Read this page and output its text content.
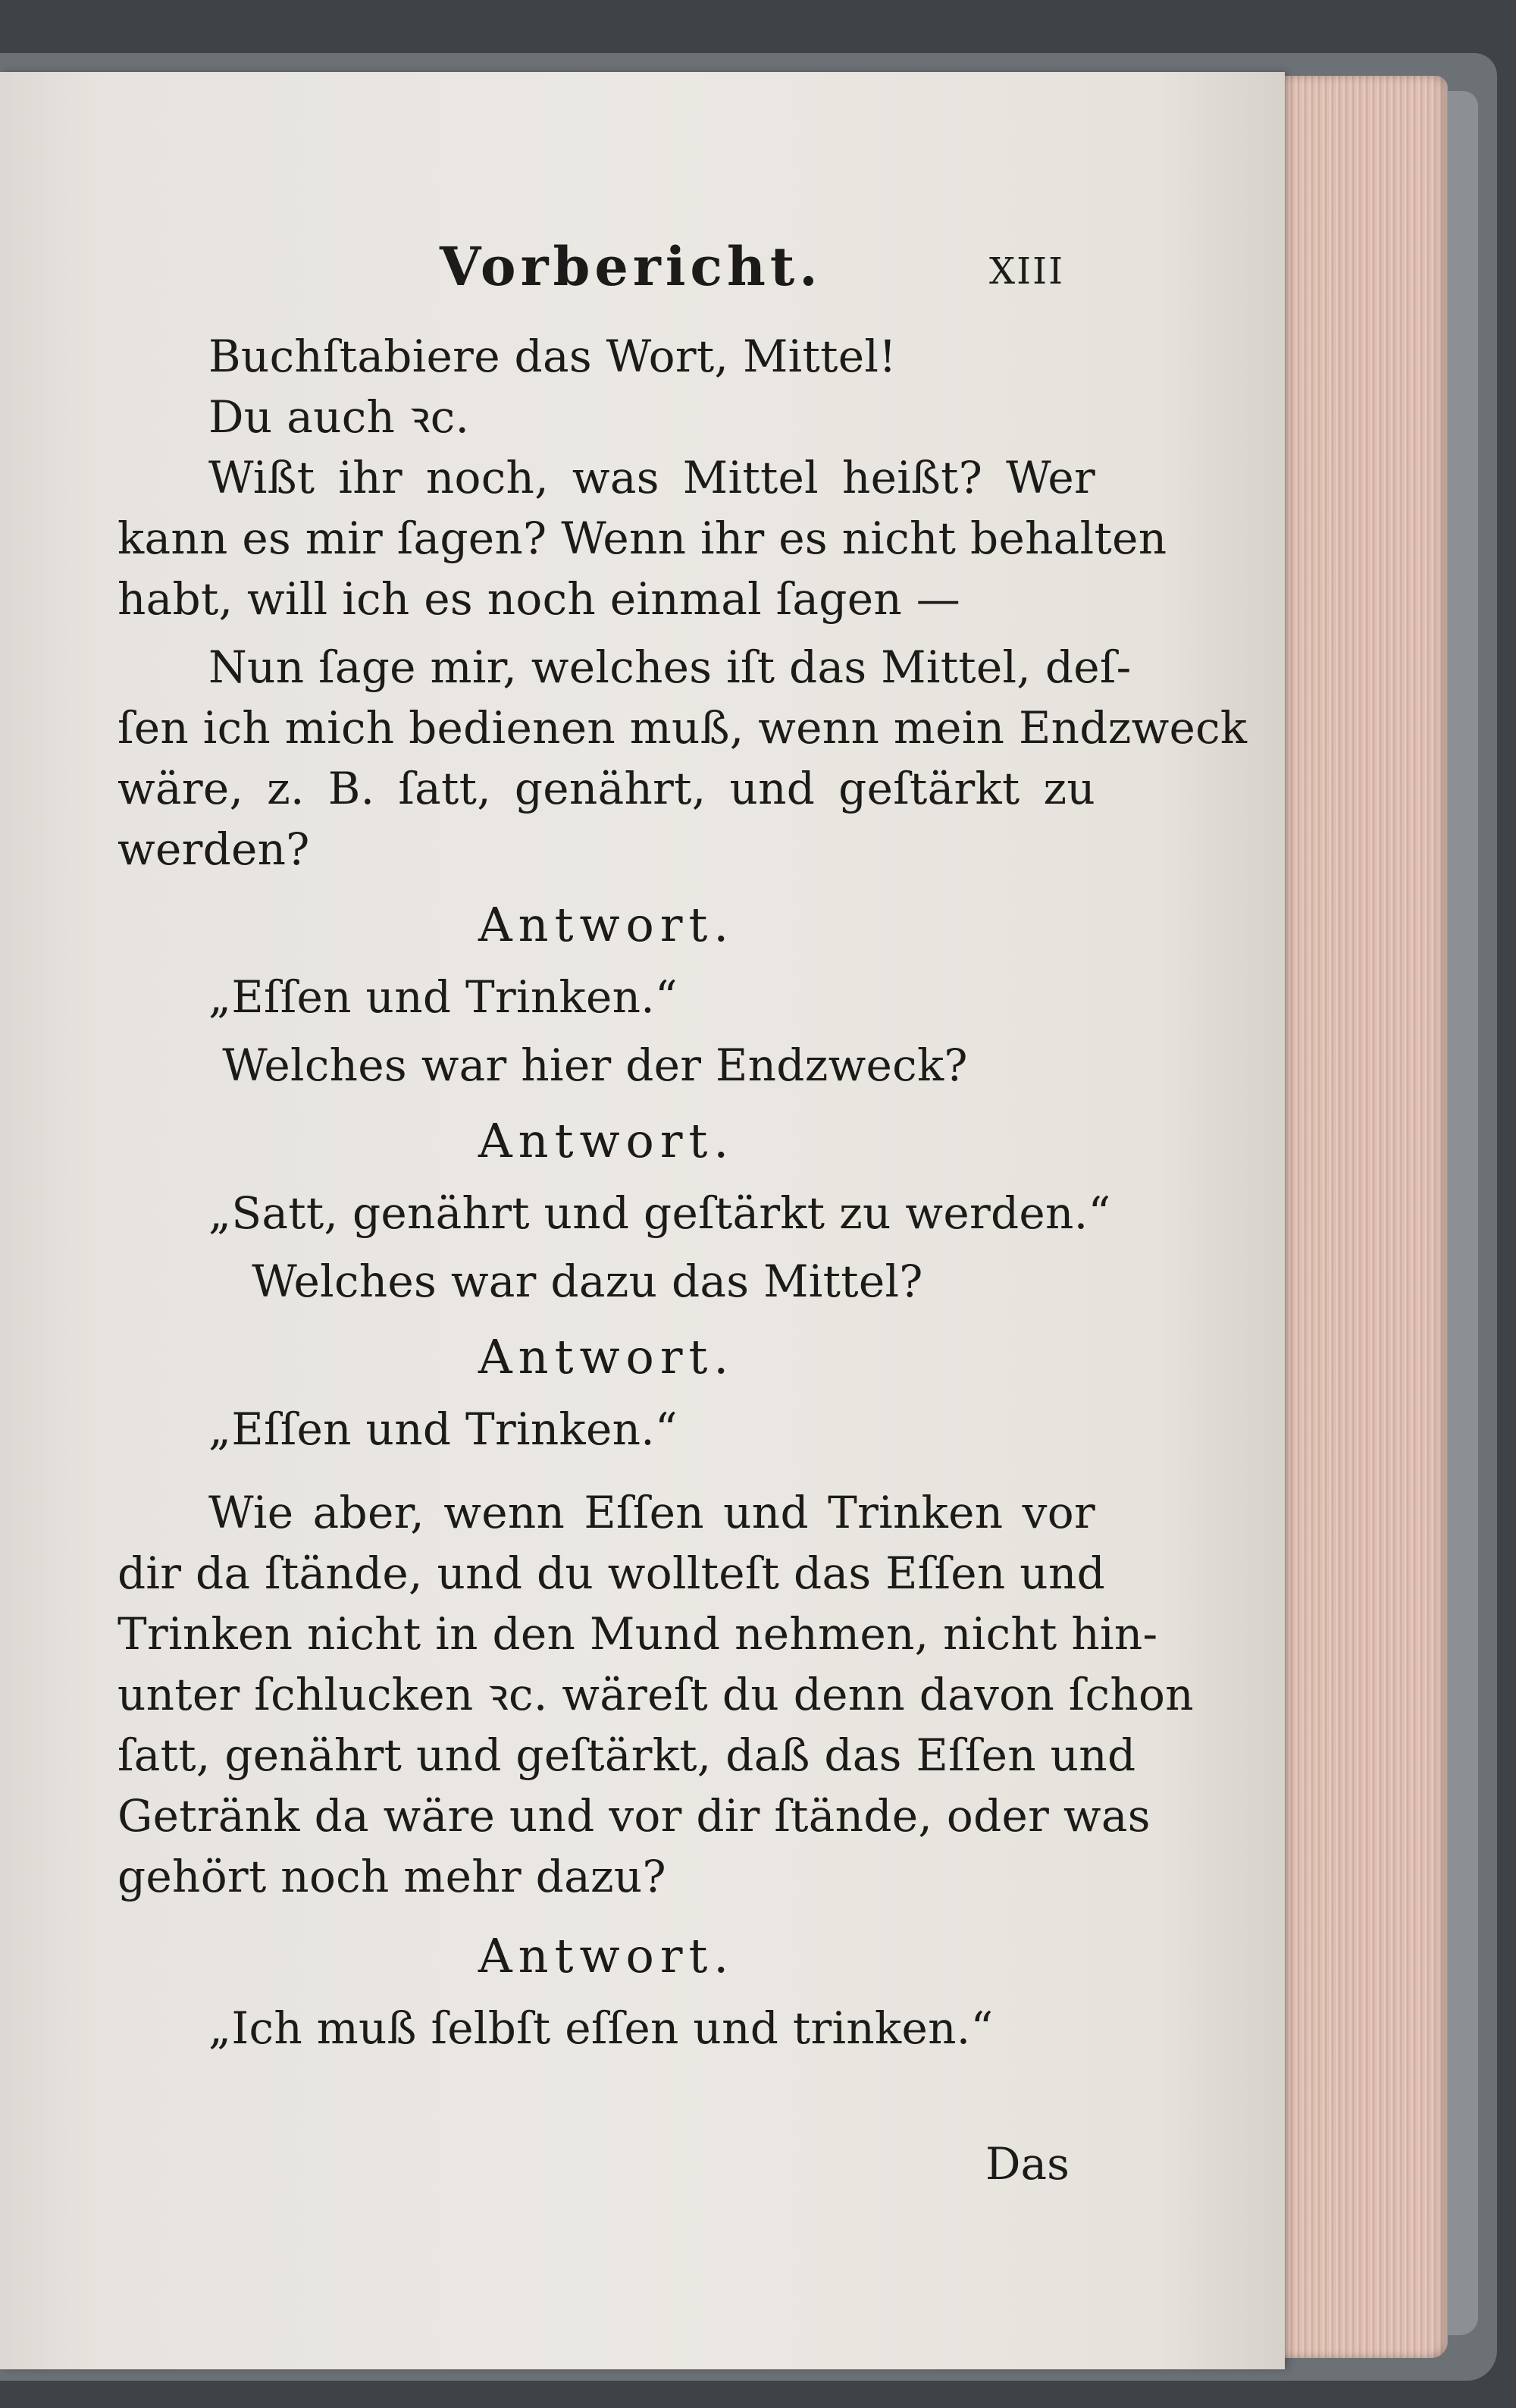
Vorbericht.	XIII
Buchſtabiere das Wort, Mittel!
Du auch ꝛc.
Wißt ihr noch, was Mittel heißt? Wer
kann es mir ſagen? Wenn ihr es nicht behalten
habt, will ich es noch einmal ſagen —
Nun ſage mir, welches iſt das Mittel, deſ-
ſen ich mich bedienen muß, wenn mein Endzweck
wäre, z. B. ſatt, genährt, und geſtärkt zu
werden?
Antwort.
„Eſſen und Trinken.“
Welches war hier der Endzweck?
Antwort.
„Satt, genährt und geſtärkt zu werden.“
Welches war dazu das Mittel?
Antwort.
„Eſſen und Trinken.“
Wie aber, wenn Eſſen und Trinken vor
dir da ſtände, und du wollteſt das Eſſen und
Trinken nicht in den Mund nehmen, nicht hin-
unter ſchlucken ꝛc. wäreſt du denn davon ſchon
ſatt, genährt und geſtärkt, daß das Eſſen und
Getränk da wäre und vor dir ſtände, oder was
gehört noch mehr dazu?
Antwort.
„Ich muß ſelbſt eſſen und trinken.“
Das
